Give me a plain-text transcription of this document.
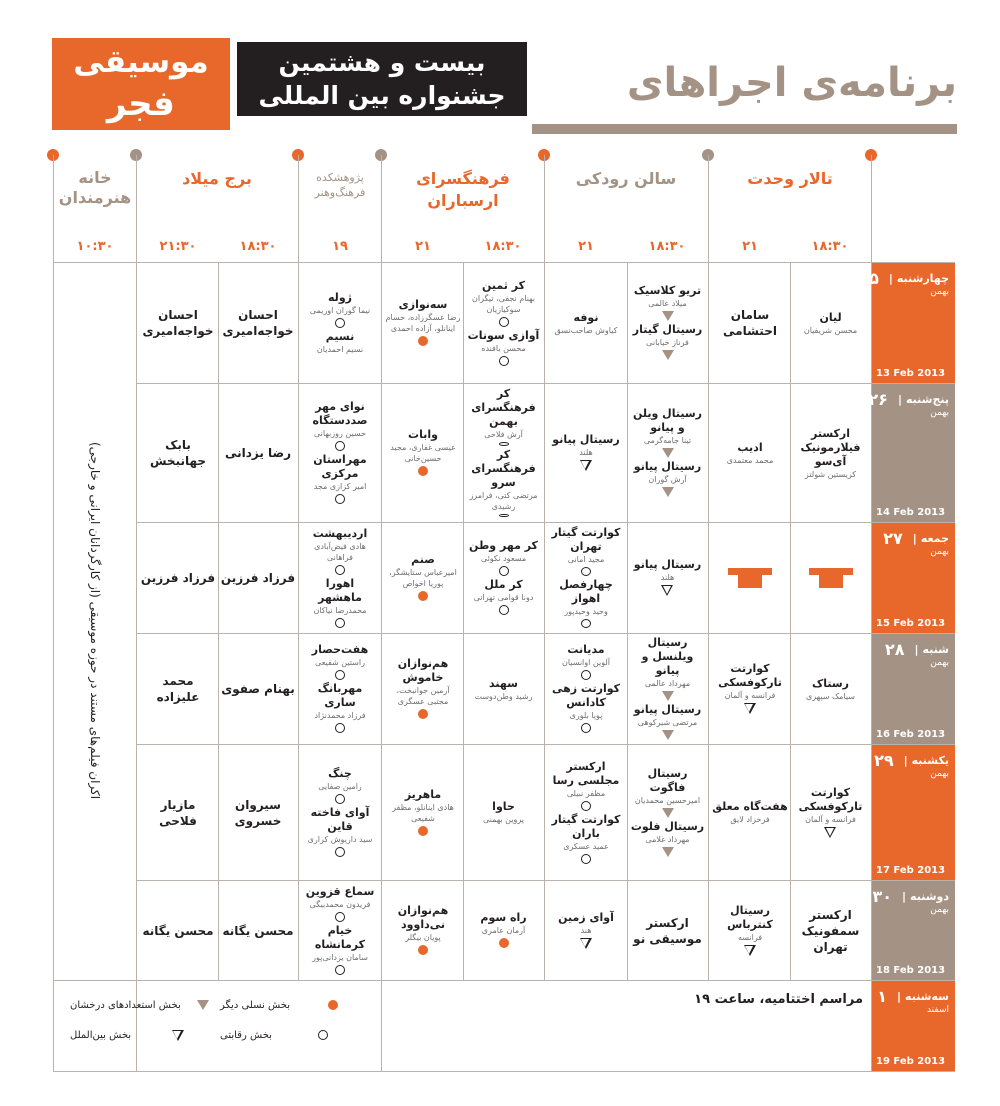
موسیقی
فجر
بیست و هشتمین
جشنواره بین المللی	برنامه‌ی اجراهای
تالار وحدت
سالن رودکی
فرهنگسرای ارسباران
پژوهشکده
فرهنگ‌وهنر
برج میلاد
خانه
هنرمندان
۱۸:۳۰
۲۱
۱۸:۳۰
۲۱
۱۸:۳۰
۲۱
۱۹
۱۸:۳۰
۲۱:۳۰
۱۰:۳۰
چهارشنبه
|
۲۵
بهمن
13 Feb 2013
پنج‌شنبه
|
۲۶
بهمن
14 Feb 2013
جمعه
|
۲۷
بهمن
15 Feb 2013
شنبه
|
۲۸
بهمن
16 Feb 2013
یکشنبه
|
۲۹
بهمن
17 Feb 2013
دوشنبه
|
۳۰
بهمن
18 Feb 2013
سه‌شنبه
|
۱
اسفند
19 Feb 2013
لیان
محسن شریفیان
سامان احتشامی
تریو کلاسیک
میلاد عالمی
رسیتال گیتار
فرناز خیابانی
نوفه
کیاوش صاحب‌نسق
کر ثمین
بهنام نجفی، تیگران سوکیازیان
آوازی سونات
محسن بافنده
سه‌نوازی
رضا عسگرزاده، حسام اینانلو، آزاده احمدی
ژوله
نیما گوران اوریمی
نسیم
نسیم احمدیان
احسان خواجه‌امیری
احسان خواجه‌امیری
ارکستر فیلارمونیک آی‌سو
کریستین شولتز
ادیب
محمد معتمدی
رسیتال ویلن و پیانو
تینا جامه‌گرمی
رسیتال پیانو
آرش گوران
رسیتال پیانو
هلند
کر فرهنگسرای بهمن
آرش فلاحی
کر فرهنگسرای سرو
مرتضی کتی، فرامرز رشیدی
وابات
عیسی غفاری، مجید حسین‌خانی
نوای مهر صددستگاه
حسین روزبهانی
مهراستان مرکزی
امیر کزازی مجد
رضا یزدانی
بابک جهانبخش
رسیتال پیانو
هلند
کوارتت گیتار تهران
مجید امانی
چهارفصل اهواز
وحید وحیدپور
کر مهر وطن
مسعود نکوئی
کر ملل
دونا قوامی تهرانی
صنم
امیرعباس ستایشگر، پوریا اخواص
اردیبهشت
هادی فیض‌آبادی فراهانی
اهورا ماهشهر
محمدرضا نیاکان
فرزاد فرزین
فرزاد فرزین
رستاک
سیامک سپهری
کوارتت تارکوفسکی
فرانسه و آلمان
رسیتال ویلنسل و پیانو
مهرداد عالمی
رسیتال پیانو
مرتضی شیرکوهی
مدیانت
آلوین اوانسیان
کوارتت زهی کادانس
پویا بلوری
سهند
رشید وطن‌دوست
هم‌نوازان خاموش
آرمین جوانبخت، مجتبی عسگری
هفت‌حصار
راستین شفیعی
مهربانگ ساری
فرزاد محمدنژاد
بهنام صفوی
محمد علیزاده
کوارتت تارکوفسکی
فرانسه و آلمان
هفت‌گاه معلق
فرخزاد لایق
رسیتال فاگوت
امیرحسین محمدیان
رسیتال فلوت
مهرداد غلامی
ارکستر مجلسی رسا
مظفر نبیلی
کوارتت گیتار باران
عمید عسکری
حاوا
پروین بهمنی
ماهریز
هادی اینانلو، مظفر شفیعی
چنگ
رامین صفایی
آوای فاخته قاین
سید داریوش کراری
سیروان خسروی
مازیار فلاحی
ارکستر سمفونیک تهران
رسیتال کنترباس
فرانسه
ارکستر موسیقی نو
آوای زمین
هند
راه سوم
آرمان عامری
هم‌نوازان نی‌داوود
پویان بیگلر
سماع قزوین
فریدون محمدبیگی
خیام کرمانشاه
سامان یزدانی‌پور
محسن یگانه
محسن یگانه
اکران فیلم‌های مستند در حوزه موسیقی (از کارگردانان ایرانی و خارجی)
مراسم اختتامیه، ساعت ۱۹
بخش نسلی دیگر
بخش استعدادهای درخشان
بخش رقابتی
بخش بین‌الملل
